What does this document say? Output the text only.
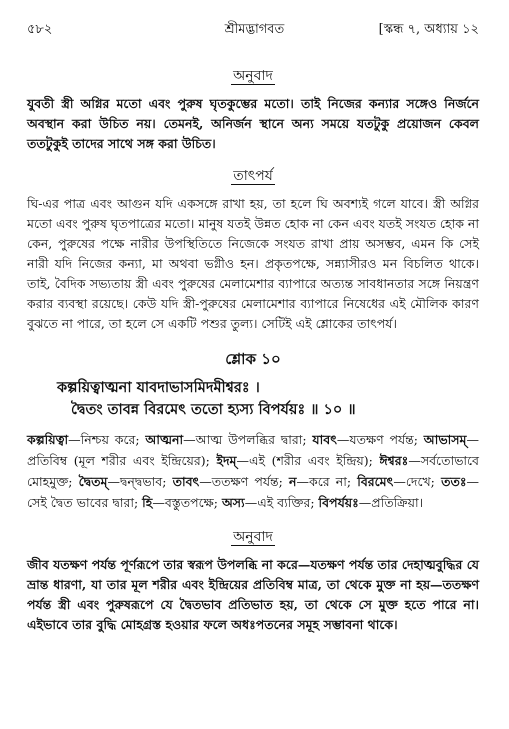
৫৮২	শ্রীমদ্ভাগবত	[স্কন্ধ ৭, অধ্যায় ১২
অনুবাদ

যুবতী স্ত্রী অগ্নির মতো এবং পুরুষ ঘৃতকুম্ভের মতো। তাই নিজের কন্যার সঙ্গেও নির্জনে অবস্থান করা উচিত নয়। তেমনই, অনির্জন স্থানে অন্য সময়ে যতটুকু প্রয়োজন কেবল ততটুকুই তাদের সাথে সঙ্গ করা উচিত।

তাৎপর্য

ঘি-এর পাত্র এবং আগুন যদি একসঙ্গে রাখা হয়, তা হলে ঘি অবশ্যই গলে যাবে। স্ত্রী অগ্নির মতো এবং পুরুষ ঘৃতপাত্রের মতো। মানুষ যতই উন্নত হোক না কেন এবং যতই সংযত হোক না কেন, পুরুষের পক্ষে নারীর উপস্থিতিতে নিজেকে সংযত রাখা প্রায় অসম্ভব, এমন কি সেই নারী যদি নিজের কন্যা, মা অথবা ভগ্নীও হন। প্রকৃতপক্ষে, সন্ন্যাসীরও মন বিচলিত থাকে। তাই, বৈদিক সভ্যতায় স্ত্রী এবং পুরুষের মেলামেশার ব্যাপারে অত্যন্ত সাবধানতার সঙ্গে নিয়ন্ত্রণ করার ব্যবস্থা রয়েছে। কেউ যদি স্ত্রী-পুরুষের মেলামেশার ব্যাপারে নিষেধের এই মৌলিক কারণ বুঝতে না পারে, তা হলে সে একটি পশুর তুল্য। সেটিই এই শ্লোকের তাৎপর্য।

শ্লোক ১০
কল্পয়িত্বাত্মনা যাবদাভাসমিদমীশ্বরঃ ।
দ্বৈতং তাবন্ন বিরমেৎ ততো হ্যস্য বিপর্যয়ঃ ॥ ১০ ॥
কল্পয়িত্বা—নিশ্চয় করে; আত্মনা—আত্ম উপলব্ধির দ্বারা; যাবৎ—যতক্ষণ পর্যন্ত; আভাসম্—প্রতিবিম্ব (মূল শরীর এবং ইন্দ্রিয়ের); ইদম্—এই (শরীর এবং ইন্দ্রিয়); ঈশ্বরঃ—সর্বতোভাবে মোহমুক্ত; দ্বৈতম্—দ্বন্দ্বভাব; তাবৎ—ততক্ষণ পর্যন্ত; ন—করে না; বিরমেৎ—দেখে; ততঃ—সেই দ্বৈত ভাবের দ্বারা; হি—বস্তুতপক্ষে; অস্য—এই ব্যক্তির; বিপর্যয়ঃ—প্রতিক্রিয়া।
অনুবাদ

জীব যতক্ষণ পর্যন্ত পূর্ণরূপে তার স্বরূপ উপলব্ধি না করে—যতক্ষণ পর্যন্ত তার দেহাত্মবুদ্ধির যে ভ্রান্ত ধারণা, যা তার মূল শরীর এবং ইন্দ্রিয়ের প্রতিবিম্ব মাত্র, তা থেকে মুক্ত না হয়—ততক্ষণ পর্যন্ত স্ত্রী এবং পুরুষরূপে যে দ্বৈতভাব প্রতিভাত হয়, তা থেকে সে মুক্ত হতে পারে না। এইভাবে তার বুদ্ধি মোহগ্রস্ত হওয়ার ফলে অধঃপতনের সমূহ সম্ভাবনা থাকে।
